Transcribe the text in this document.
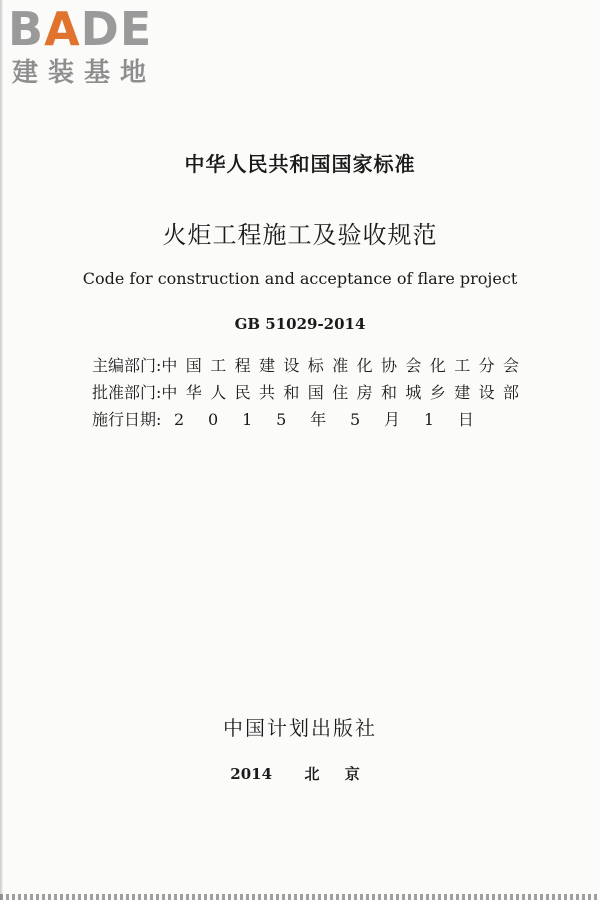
BADE
建装基地
中华人民共和国国家标准
火炬工程施工及验收规范
Code for construction and acceptance of flare project
GB 51029-2014
主编部门: 中国工程建设标准化协会化工分会
批准部门: 中华人民共和国住房和城乡建设部
施行日期: 2 0 1 5 年 5 月 1 日
中国计划出版社
2014 北 京
